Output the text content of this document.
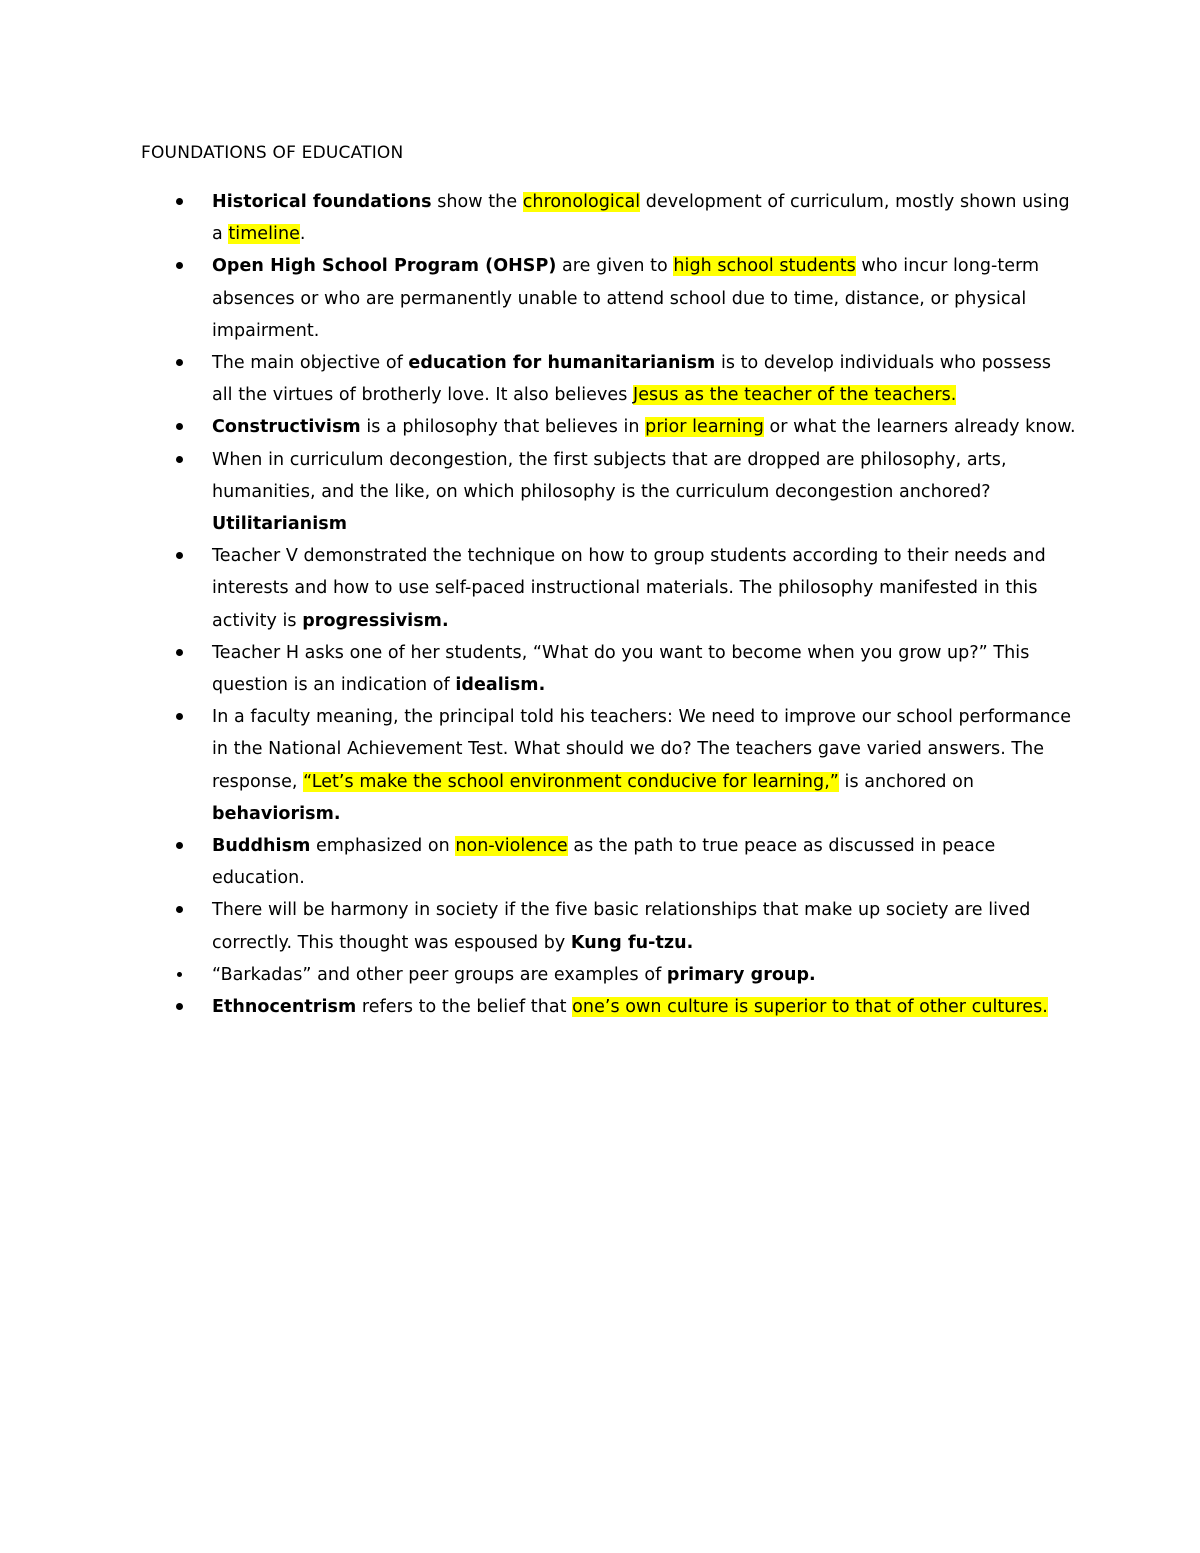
FOUNDATIONS OF EDUCATION
Historical foundations show the chronological development of curriculum, mostly shown using a timeline.
Open High School Program (OHSP) are given to high school students who incur long-term absences or who are permanently unable to attend school due to time, distance, or physical impairment.
The main objective of education for humanitarianism is to develop individuals who possess all the virtues of brotherly love. It also believes Jesus as the teacher of the teachers.
Constructivism is a philosophy that believes in prior learning or what the learners already know.
When in curriculum decongestion, the first subjects that are dropped are philosophy, arts, humanities, and the like, on which philosophy is the curriculum decongestion anchored? Utilitarianism
Teacher V demonstrated the technique on how to group students according to their needs and interests and how to use self-paced instructional materials. The philosophy manifested in this activity is progressivism.
Teacher H asks one of her students, “What do you want to become when you grow up?” This question is an indication of idealism.
In a faculty meaning, the principal told his teachers: We need to improve our school performance in the National Achievement Test. What should we do? The teachers gave varied answers. The response, “Let’s make the school environment conducive for learning,” is anchored on behaviorism.
Buddhism emphasized on non-violence as the path to true peace as discussed in peace education.
There will be harmony in society if the five basic relationships that make up society are lived correctly. This thought was espoused by Kung fu-tzu.
“Barkadas” and other peer groups are examples of primary group.
Ethnocentrism refers to the belief that one’s own culture is superior to that of other cultures.
